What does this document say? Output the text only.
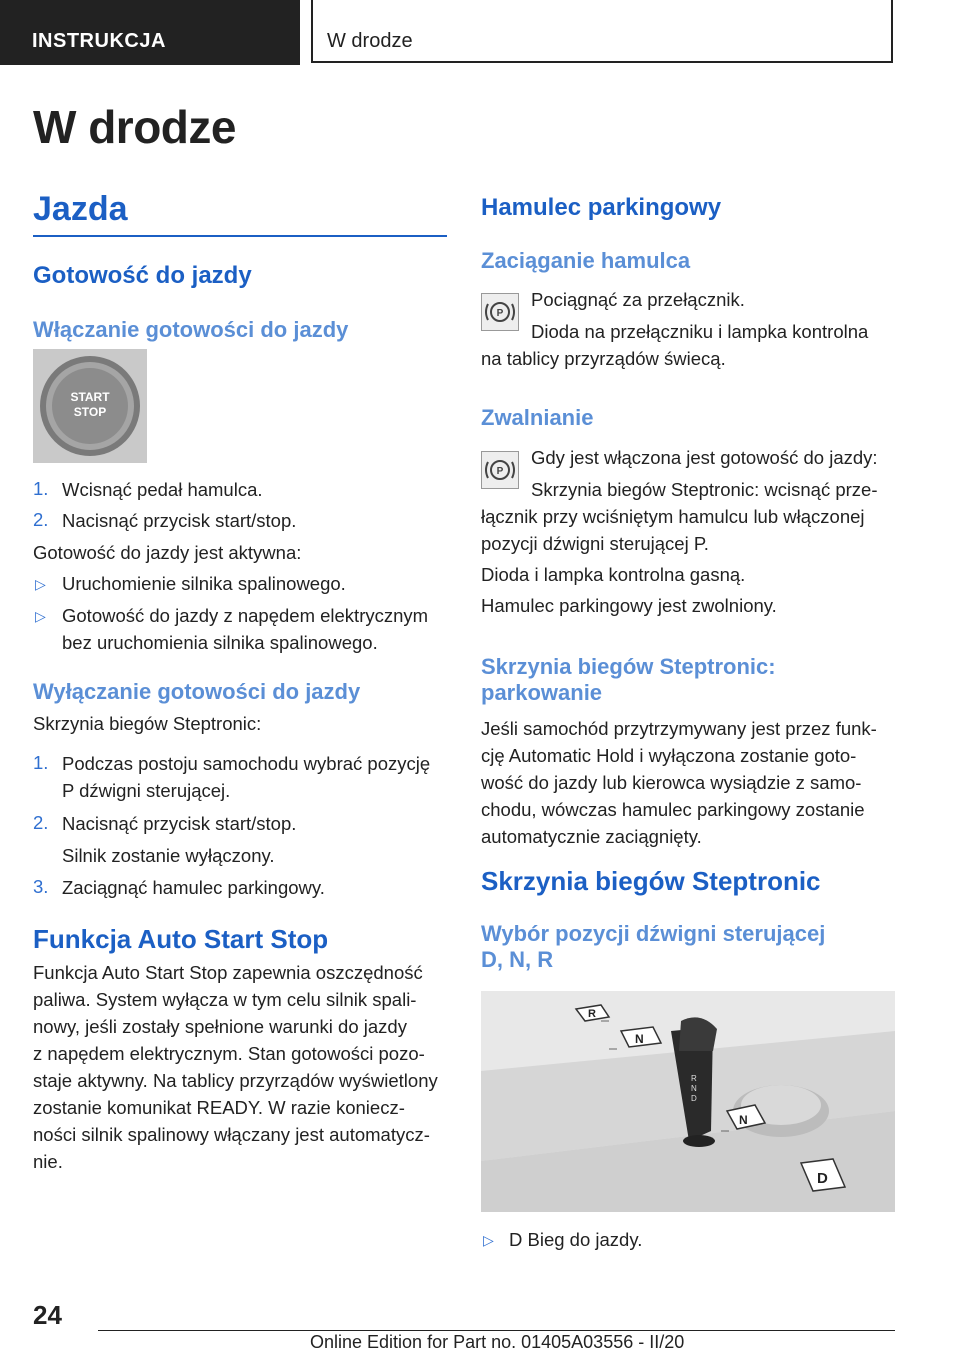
INSTRUKCJA	W drodze
W drodze
Jazda
Gotowość do jazdy
Włączanie gotowości do jazdy
START
STOP
1. Wcisnąć pedał hamulca.
2. Nacisnąć przycisk start/stop.
Gotowość do jazdy jest aktywna:
▷ Uruchomienie silnika spalinowego.
▷ Gotowość do jazdy z napędem elektrycznym
bez uruchomienia silnika spalinowego.
Wyłączanie gotowości do jazdy
Skrzynia biegów Steptronic:
1. Podczas postoju samochodu wybrać pozycję
P dźwigni sterującej.
2. Nacisnąć przycisk start/stop.
Silnik zostanie wyłączony.
3. Zaciągnąć hamulec parkingowy.
Funkcja Auto Start Stop
Funkcja Auto Start Stop zapewnia oszczędność
paliwa. System wyłącza w tym celu silnik spali-
nowy, jeśli zostały spełnione warunki do jazdy
z napędem elektrycznym. Stan gotowości pozo-
staje aktywny. Na tablicy przyrządów wyświetlony
zostanie komunikat READY. W razie koniecz-
ności silnik spalinowy włączany jest automatycz-
nie.
Hamulec parkingowy
Zaciąganie hamulca
P
Pociągnąć za przełącznik.
Dioda na przełączniku i lampka kontrolna
na tablicy przyrządów świecą.
Zwalnianie
P
Gdy jest włączona jest gotowość do jazdy:
Skrzynia biegów Steptronic: wcisnąć prze-
łącznik przy wciśniętym hamulcu lub włączonej
pozycji dźwigni sterującej P.
Dioda i lampka kontrolna gasną.
Hamulec parkingowy jest zwolniony.
Skrzynia biegów Steptronic:
parkowanie
Jeśli samochód przytrzymywany jest przez funk-
cję Automatic Hold i wyłączona zostanie goto-
wość do jazdy lub kierowca wysiądzie z samo-
chodu, wówczas hamulec parkingowy zostanie
automatycznie zaciągnięty.
Skrzynia biegów Steptronic
Wybór pozycji dźwigni sterującej
D, N, R
R
N
D
R
N
N
D
▷ D Bieg do jazdy.
24
Online Edition for Part no. 01405A03556 - II/20
